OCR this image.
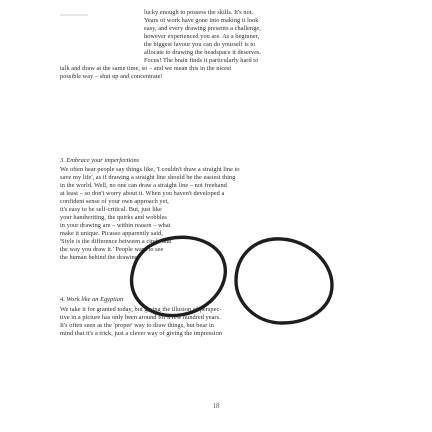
lucky enough to possess the skills. It's not.
Years of work have gone into making it look
easy, and every drawing presents a challenge,
however experienced you are. As a beginner,
the biggest favour you can do yourself is to
allocate to drawing the headspace it deserves.
Focus! The brain finds it particularly hard to
talk and draw at the same time, so – and we mean this in the nicest
possible way – shut up and concentrate!
3. Embrace your imperfections
We often hear people say things like, 'I couldn't draw a straight line to
save my life', as if drawing a straight line should be the easiest thing
in the world. Well, no one can draw a straight line – not freehand
at least – so don't worry about it. When you haven't developed a
confident sense of your own approach yet,
it's easy to be self-critical. But, just like
your handwriting, the quirks and wobbles
in your drawing are – within reason – what
make it unique. Picasso apparently said,
'Style is the difference between a circle and
the way you draw it.' People want to see
the human behind the drawing.
4. Work like an Egyptian
We take it for granted today, but giving the illusion of perspec-
tive in a picture has only been around for a few hundred years.
It's often seen as the 'proper' way to draw things, but bear in
mind that it's a trick, just a clever way of giving the impression
18
